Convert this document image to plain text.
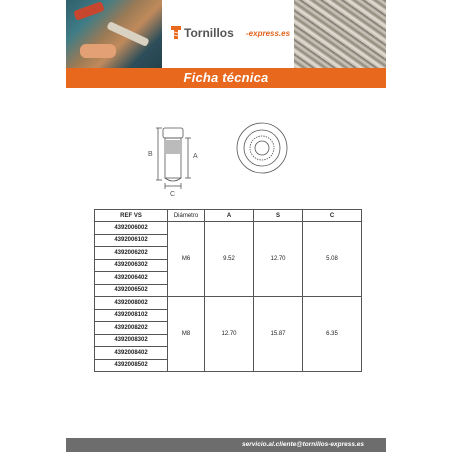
Tornillos -express.es
Ficha técnica
B	A
C
REF VS	Diámetro	A	S	C
4392006002	M6	9.52	12.70	5.08
4392006102				
4392006202				
4392006302				
4392006402				
4392006502				
4392008002	M8	12.70	15.87	6.35
4392008102				
4392008202				
4392008302				
4392008402				
4392008502				
servicio.al.cliente@tornillos-express.es
